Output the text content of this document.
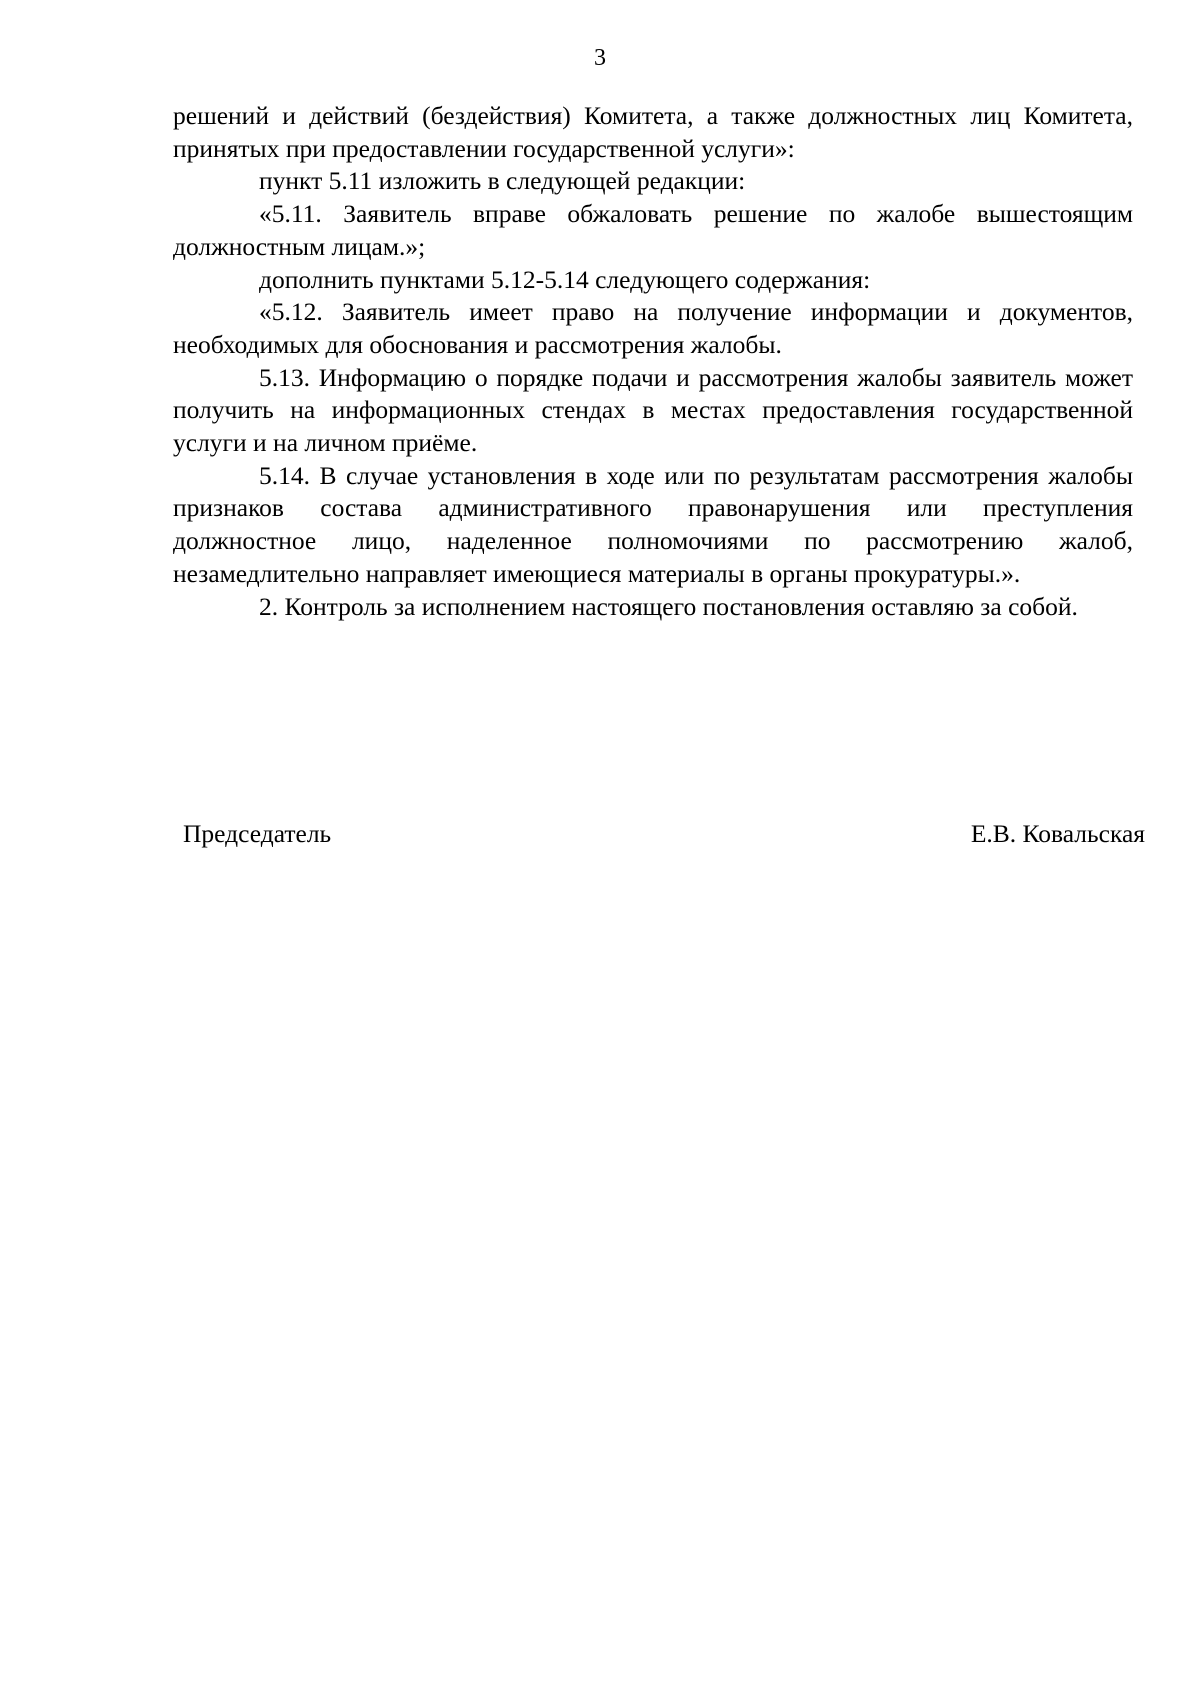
3

решений и действий (бездействия) Комитета, а также должностных лиц Комитета, принятых при предоставлении государственной услуги»:

пункт 5.11 изложить в следующей редакции:

«5.11. Заявитель вправе обжаловать решение по жалобе вышестоящим должностным лицам.»;

дополнить пунктами 5.12-5.14 следующего содержания:

«5.12. Заявитель имеет право на получение информации и документов, необходимых для обоснования и рассмотрения жалобы.

5.13. Информацию о порядке подачи и рассмотрения жалобы заявитель может получить на информационных стендах в местах предоставления государственной услуги и на личном приёме.

5.14. В случае установления в ходе или по результатам рассмотрения жалобы признаков состава административного правонарушения или преступления должностное лицо, наделенное полномочиями по рассмотрению жалоб, незамедлительно направляет имеющиеся материалы в органы прокуратуры.».

2. Контроль за исполнением настоящего постановления оставляю за собой.

Председатель	Е.В. Ковальская
